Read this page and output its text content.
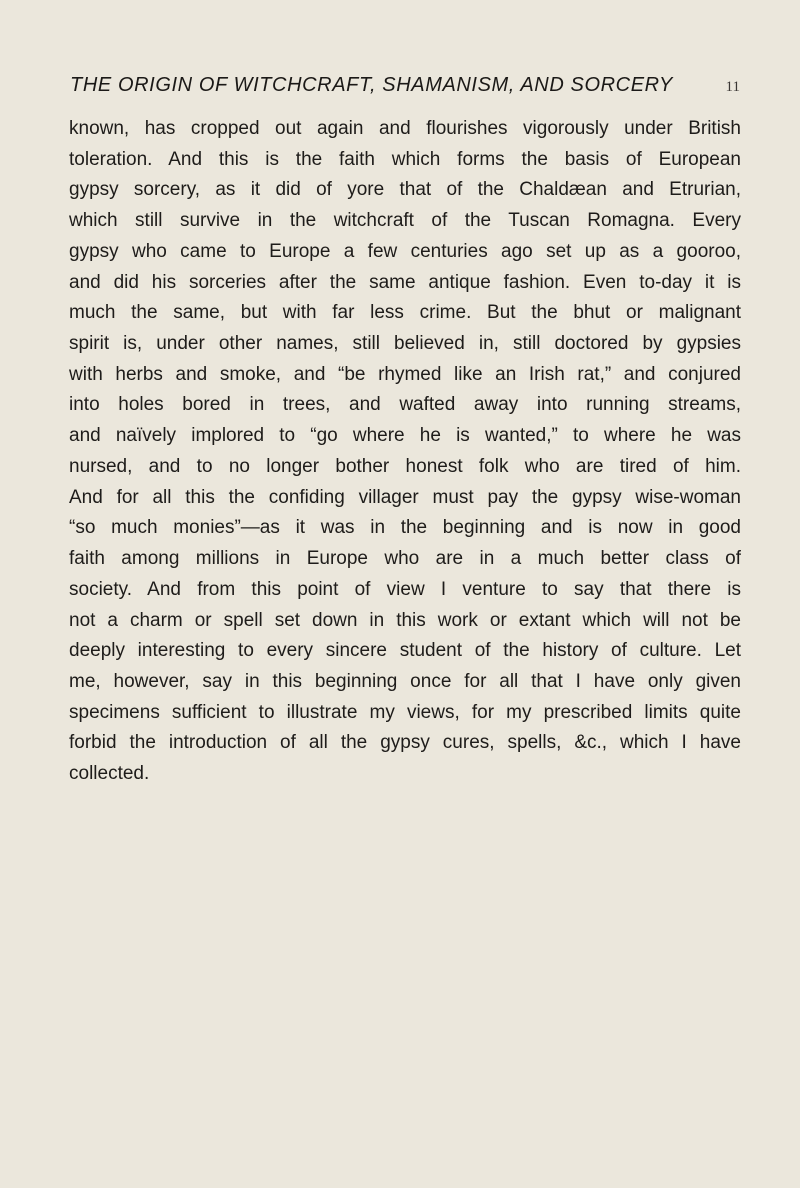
THE ORIGIN OF WITCHCRAFT, SHAMANISM, AND SORCERY	11
known, has cropped out again and flourishes vigorously under British
toleration. And this is the faith which forms the basis of European
gypsy sorcery, as it did of yore that of the Chaldæan and Etrurian,
which still survive in the witchcraft of the Tuscan Romagna. Every
gypsy who came to Europe a few centuries ago set up as a gooroo,
and did his sorceries after the same antique fashion. Even to-day it is
much the same, but with far less crime. But the bhut or malignant
spirit is, under other names, still believed in, still doctored by gypsies
with herbs and smoke, and “be rhymed like an Irish rat,” and conjured
into holes bored in trees, and wafted away into running streams,
and naïvely implored to “go where he is wanted,” to where he was
nursed, and to no longer bother honest folk who are tired of him.
And for all this the confiding villager must pay the gypsy wise-woman
“so much monies”—as it was in the beginning and is now in good
faith among millions in Europe who are in a much better class of
society. And from this point of view I venture to say that there is
not a charm or spell set down in this work or extant which will not be
deeply interesting to every sincere student of the history of culture. Let
me, however, say in this beginning once for all that I have only given
specimens sufficient to illustrate my views, for my prescribed limits quite
forbid the introduction of all the gypsy cures, spells, &c., which I have
collected.
